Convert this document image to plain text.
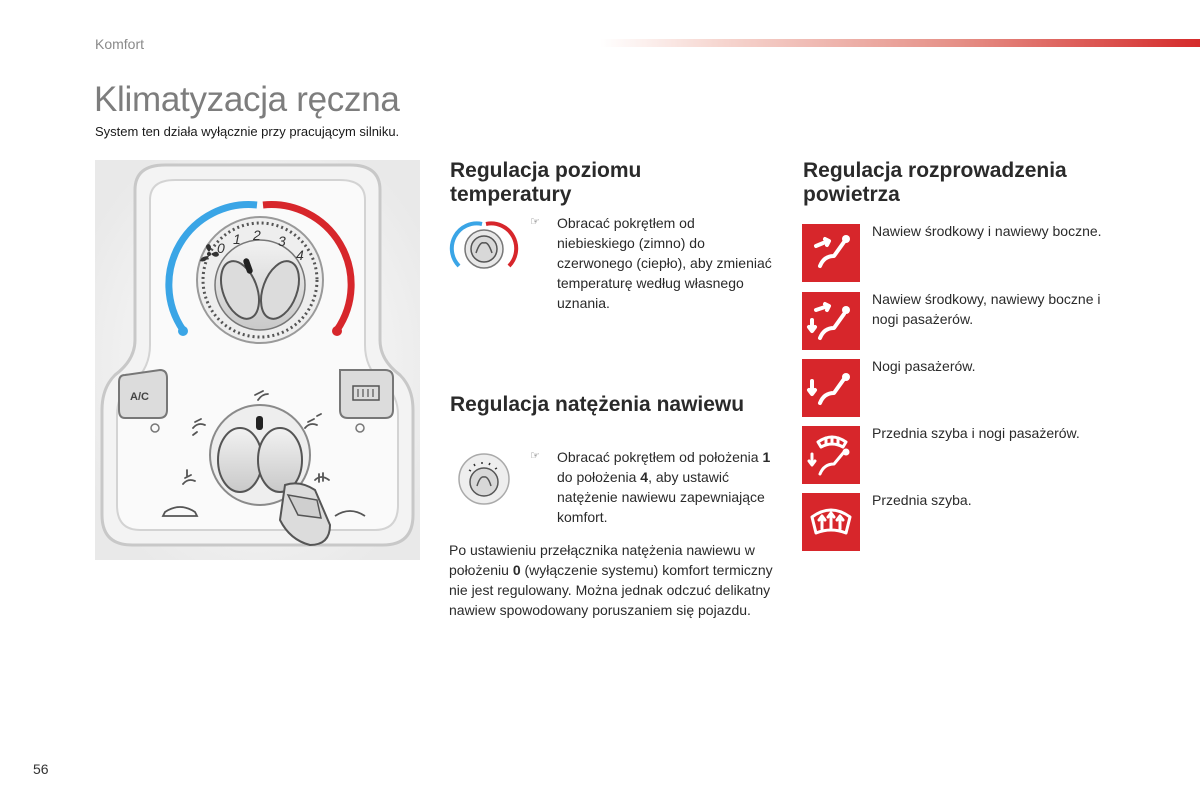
Komfort
Klimatyzacja ręczna

System ten działa wyłącznie przy pracującym silniku.

0
1 2 3
4
A/C
Regulacja poziomu temperatury
☞ Obracać pokrętłem od niebieskiego (zimno) do czerwonego (ciepło), aby zmieniać temperaturę według własnego uznania.

Regulacja natężenia nawiewu
☞ Obracać pokrętłem od położenia 1 do położenia 4, aby ustawić natężenie nawiewu zapewniające komfort.

Po ustawieniu przełącznika natężenia nawiewu w położeniu 0 (wyłączenie systemu) komfort termiczny nie jest regulowany. Można jednak odczuć delikatny nawiew spowodowany poruszaniem się pojazdu.

Regulacja rozprowadzenia powietrza
Nawiew środkowy i nawiewy boczne.
Nawiew środkowy, nawiewy boczne i nogi pasażerów.
Nogi pasażerów.
Przednia szyba i nogi pasażerów.
Przednia szyba.
56
